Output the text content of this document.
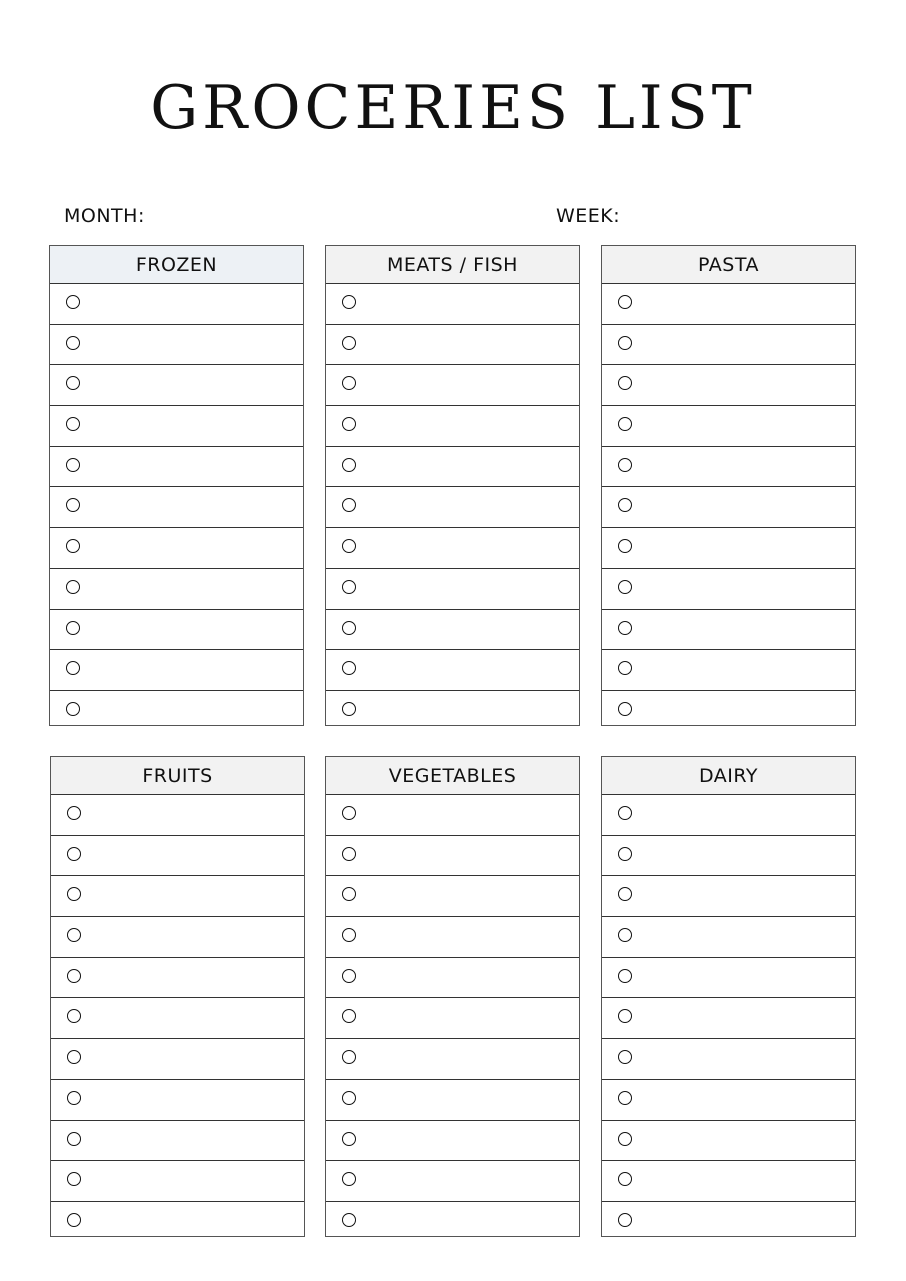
GROCERIES LIST
MONTH:	WEEK:
FROZEN	MEATS / FISH	PASTA
FRUITS	VEGETABLES	DAIRY
